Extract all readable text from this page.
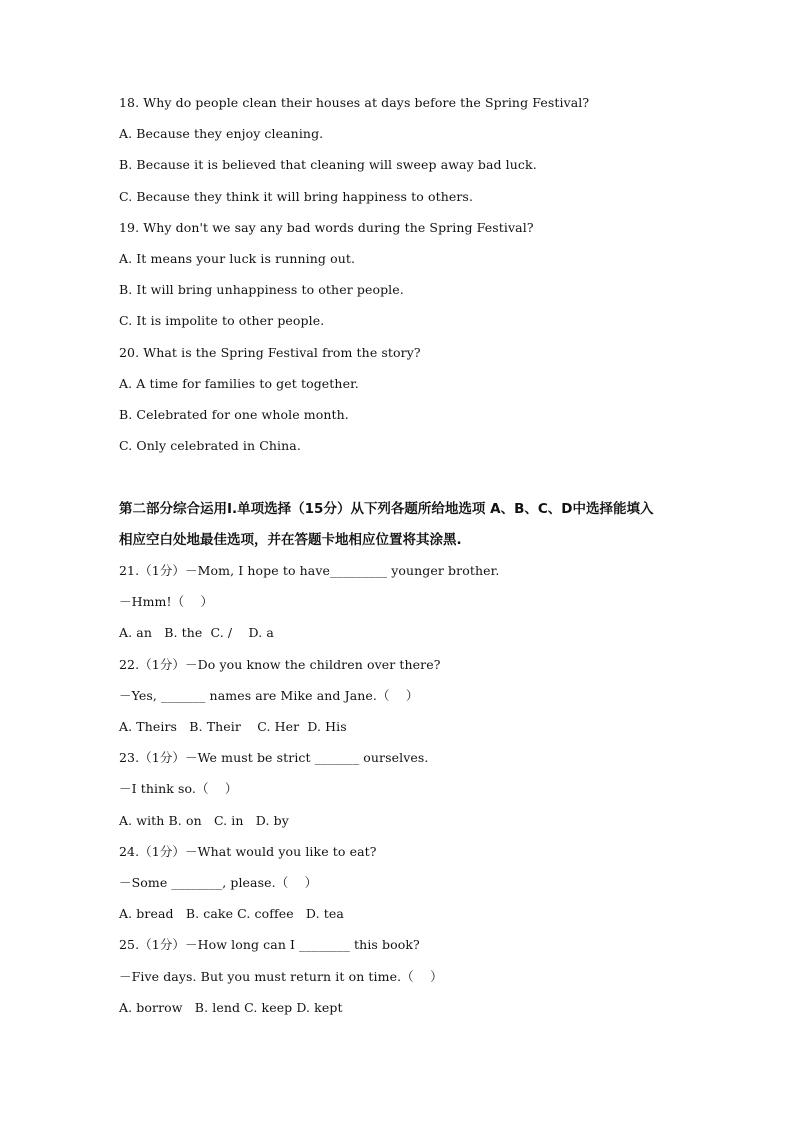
18. Why do people clean their houses at days before the Spring Festival?
A. Because they enjoy cleaning.
B. Because it is believed that cleaning will sweep away bad luck.
C. Because they think it will bring happiness to others.
19. Why don't we say any bad words during the Spring Festival?
A. It means your luck is running out.
B. It will bring unhappiness to other people.
C. It is impolite to other people.
20. What is the Spring Festival from the story?
A. A time for families to get together.
B. Celebrated for one whole month.
C. Only celebrated in China.
第二部分综合运用Ⅰ.单项选择（15分）从下列各题所给地选项 A、B、C、D中选择能填入
相应空白处地最佳选项，并在答题卡地相应位置将其涂黑.
21.（1分）－Mom, I hope to have_________ younger brother.
－Hmm!（    ）
A. an   B. the  C. /    D. a
22.（1分）－Do you know the children over there?
－Yes, _______ names are Mike and Jane.（    ）
A. Theirs   B. Their    C. Her  D. His
23.（1分）－We must be strict _______ ourselves.
－I think so.（    ）
A. with B. on   C. in   D. by
24.（1分）－What would you like to eat?
－Some ________, please.（    ）
A. bread   B. cake C. coffee   D. tea
25.（1分）－How long can I ________ this book?
－Five days. But you must return it on time.（    ）
A. borrow   B. lend C. keep D. kept
